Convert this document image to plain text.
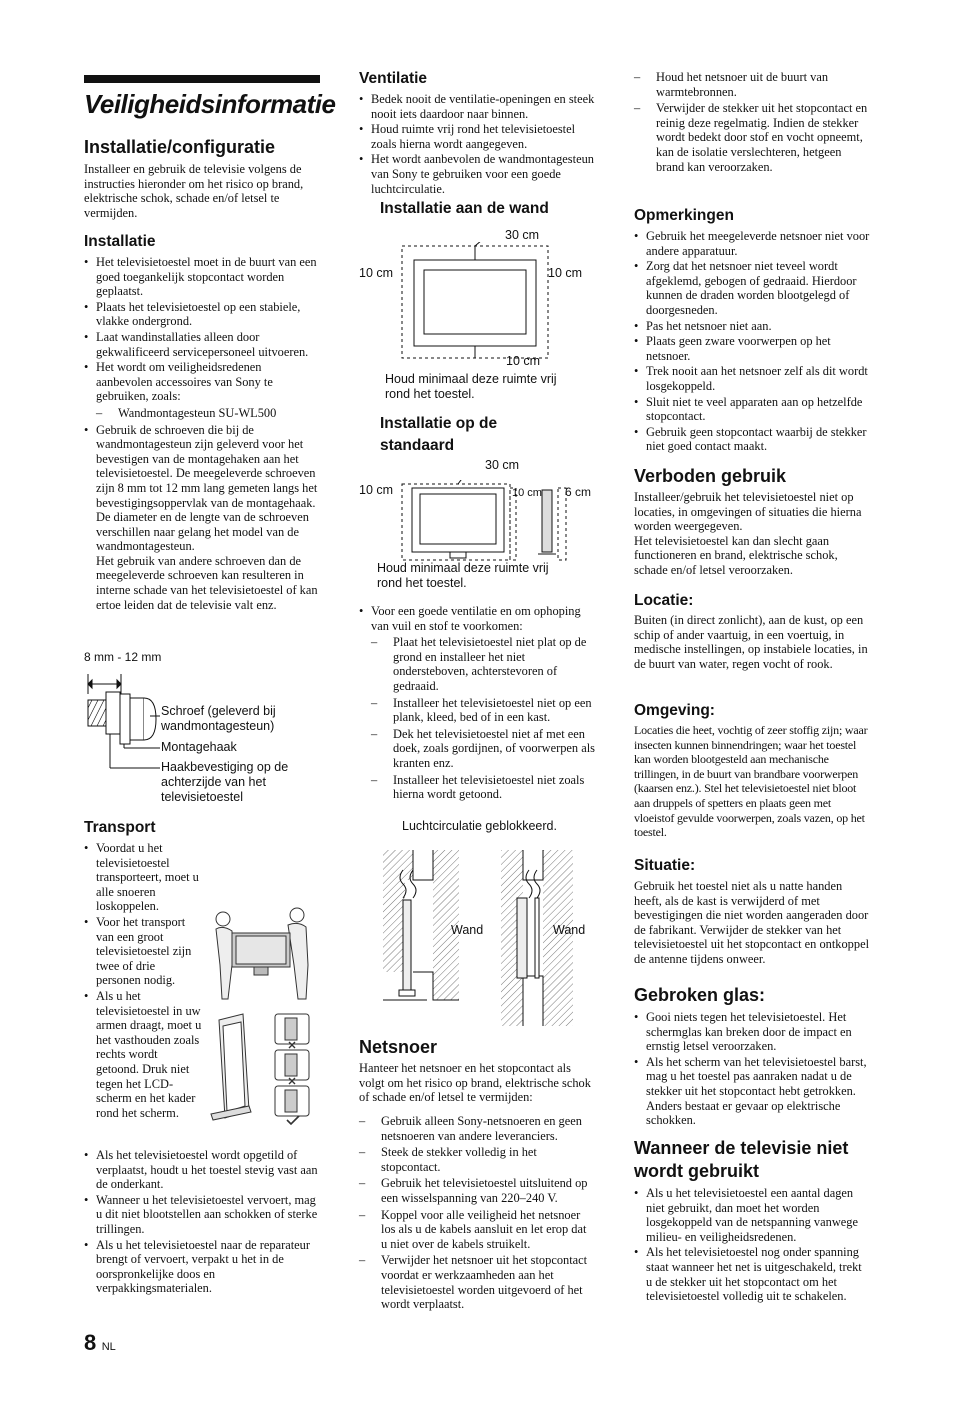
Veiligheidsinformatie
Installatie/configuratie

Installeer en gebruik de televisie volgens de instructies hieronder om het risico op brand, elektrische schok, schade en/of letsel te vermijden.

Installatie
• Het televisietoestel moet in de buurt van een goed toegankelijk stopcontact worden geplaatst.
• Plaats het televisietoestel op een stabiele, vlakke ondergrond.
• Laat wandinstallaties alleen door gekwalificeerd servicepersoneel uitvoeren.
• Het wordt om veiligheidsredenen aanbevolen accessoires van Sony te gebruiken, zoals:
– Wandmontagesteun SU-WL500
• Gebruik de schroeven die bij de wandmontagesteun zijn geleverd voor het bevestigen van de montagehaken aan het televisietoestel. De meegeleverde schroeven zijn 8 mm tot 12 mm lang gemeten langs het bevestigingsoppervlak van de montagehaak.
De diameter en de lengte van de schroeven verschillen naar gelang het model van de wandmontagesteun.
Het gebruik van andere schroeven dan de meegeleverde schroeven kan resulteren in interne schade van het televisietoestel of kan ertoe leiden dat de televisie valt enz.
8 mm - 12 mm
Schroef (geleverd bij wandmontagesteun)
Montagehaak
Haakbevestiging op de achterzijde van het televisietoestel
Transport
• Voordat u het televisietoestel transporteert, moet u alle snoeren loskoppelen.
• Voor het transport van een groot televisietoestel zijn twee of drie personen nodig.
• Als u het televisietoestel in uw armen draagt, moet u het vasthouden zoals rechts wordt getoond. Druk niet tegen het LCD-scherm en het kader rond het scherm.
• Als het televisietoestel wordt opgetild of verplaatst, houdt u het toestel stevig vast aan de onderkant.
• Wanneer u het televisietoestel vervoert, mag u dit niet blootstellen aan schokken of sterke trillingen.
• Als u het televisietoestel naar de reparateur brengt of vervoert, verpakt u het in de oorspronkelijke doos en verpakkingsmaterialen.
8 NL
Ventilatie
• Bedek nooit de ventilatie-openingen en steek nooit iets daardoor naar binnen.
• Houd ruimte vrij rond het televisietoestel zoals hierna wordt aangegeven.
• Het wordt aanbevolen de wandmontagesteun van Sony te gebruiken voor een goede luchtcirculatie.
Installatie aan de wand
30 cm
10 cm	10 cm
10 cm
Houd minimaal deze ruimte vrij rond het toestel.
Installatie op de standaard
30 cm
10 cm	10 cm 6 cm
Houd minimaal deze ruimte vrij rond het toestel.
• Voor een goede ventilatie en om ophoping van vuil en stof te voorkomen:
– Plaat het televisietoestel niet plat op de grond en installeer het niet ondersteboven, achterstevoren of gedraaid.
– Installeer het televisietoestel niet op een plank, kleed, bed of in een kast.
– Dek het televisietoestel niet af met een doek, zoals gordijnen, of voorwerpen als kranten enz.
– Installeer het televisietoestel niet zoals hierna wordt getoond.
Luchtcirculatie geblokkeerd.
Wand	Wand
Netsnoer

Hanteer het netsnoer en het stopcontact als volgt om het risico op brand, elektrische schok of schade en/of letsel te vermijden:

– Gebruik alleen Sony-netsnoeren en geen netsnoeren van andere leveranciers.
– Steek de stekker volledig in het stopcontact.
– Gebruik het televisietoestel uitsluitend op een wisselspanning van 220–240 V.
– Koppel voor alle veiligheid het netsnoer los als u de kabels aansluit en let erop dat u niet over de kabels struikelt.
– Verwijder het netsnoer uit het stopcontact voordat er werkzaamheden aan het televisietoestel worden uitgevoerd of het wordt verplaatst.
– Houd het netsnoer uit de buurt van warmtebronnen.
– Verwijder de stekker uit het stopcontact en reinig deze regelmatig. Indien de stekker wordt bedekt door stof en vocht opneemt, kan de isolatie verslechteren, hetgeen brand kan veroorzaken.
Opmerkingen
• Gebruik het meegeleverde netsnoer niet voor andere apparatuur.
• Zorg dat het netsnoer niet teveel wordt afgeklemd, gebogen of gedraaid. Hierdoor kunnen de draden worden blootgelegd of doorgesneden.
• Pas het netsnoer niet aan.
• Plaats geen zware voorwerpen op het netsnoer.
• Trek nooit aan het netsnoer zelf als dit wordt losgekoppeld.
• Sluit niet te veel apparaten aan op hetzelfde stopcontact.
• Gebruik geen stopcontact waarbij de stekker niet goed contact maakt.
Verboden gebruik

Installeer/gebruik het televisietoestel niet op locaties, in omgevingen of situaties die hierna worden weergegeven.
Het televisietoestel kan dan slecht gaan functioneren en brand, elektrische schok, schade en/of letsel veroorzaken.

Locatie:

Buiten (in direct zonlicht), aan de kust, op een schip of ander vaartuig, in een voertuig, in medische instellingen, op instabiele locaties, in de buurt van water, regen vocht of rook.

Omgeving:

Locaties die heet, vochtig of zeer stoffig zijn; waar insecten kunnen binnendringen; waar het toestel kan worden blootgesteld aan mechanische trillingen, in de buurt van brandbare voorwerpen (kaarsen enz.). Stel het televisietoestel niet bloot aan druppels of spetters en plaats geen met vloeistof gevulde voorwerpen, zoals vazen, op het toestel.

Situatie:

Gebruik het toestel niet als u natte handen heeft, als de kast is verwijderd of met bevestigingen die niet worden aangeraden door de fabrikant. Verwijder de stekker van het televisietoestel uit het stopcontact en ontkoppel de antenne tijdens onweer.

Gebroken glas:
• Gooi niets tegen het televisietoestel. Het schermglas kan breken door de impact en ernstig letsel veroorzaken.
• Als het scherm van het televisietoestel barst, mag u het toestel pas aanraken nadat u de stekker uit het stopcontact hebt getrokken. Anders bestaat er gevaar op elektrische schokken.
Wanneer de televisie niet wordt gebruikt
• Als u het televisietoestel een aantal dagen niet gebruikt, dan moet het worden losgekoppeld van de netspanning vanwege milieu- en veiligheidsredenen.
• Als het televisietoestel nog onder spanning staat wanneer het net is uitgeschakeld, trekt u de stekker uit het stopcontact om het televisietoestel volledig uit te schakelen.
